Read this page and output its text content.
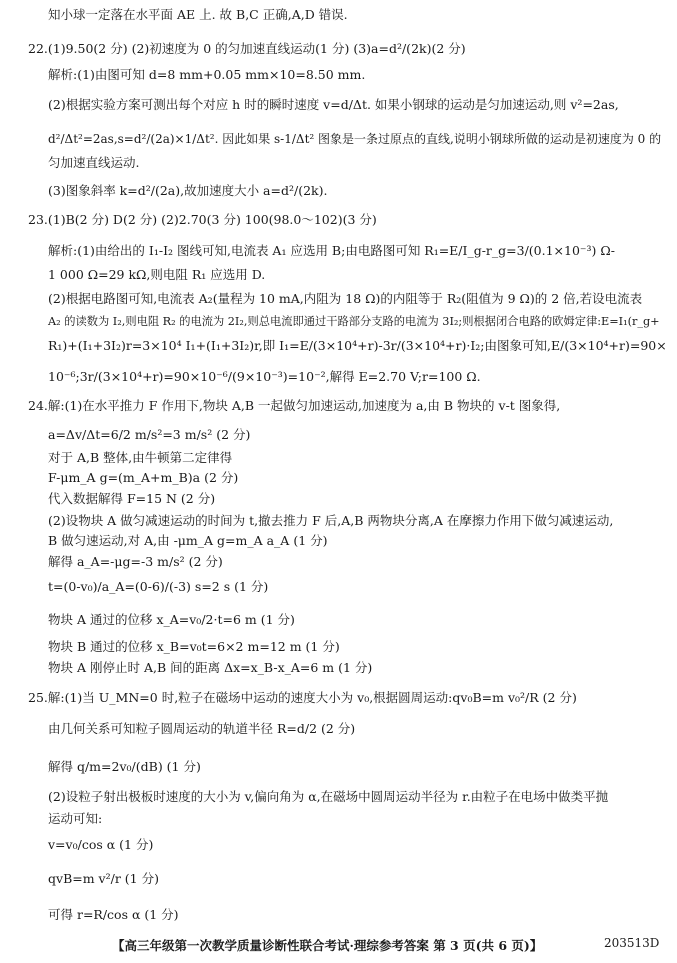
知小球一定落在水平面 AE 上. 故 B,C 正确,A,D 错误.
22.(1)9.50(2 分) (2)初速度为 0 的匀加速直线运动(1 分) (3)a=d²/(2k)(2 分)
解析:(1)由图可知 d=8 mm+0.05 mm×10=8.50 mm.
(2)根据实验方案可测出每个对应 h 时的瞬时速度 v=d/Δt. 如果小钢球的运动是匀加速运动,则 v²=2as,
d²/Δt²=2as,s=d²/(2a)×1/Δt². 因此如果 s-1/Δt² 图象是一条过原点的直线,说明小钢球所做的运动是初速度为 0 的
匀加速直线运动.
(3)图象斜率 k=d²/(2a),故加速度大小 a=d²/(2k).
23.(1)B(2 分) D(2 分) (2)2.70(3 分) 100(98.0～102)(3 分)
解析:(1)由给出的 I₁-I₂ 图线可知,电流表 A₁ 应选用 B;由电路图可知 R₁=E/I_g-r_g=3/(0.1×10⁻³) Ω-
1 000 Ω=29 kΩ,则电阻 R₁ 应选用 D.
(2)根据电路图可知,电流表 A₂(量程为 10 mA,内阻为 18 Ω)的内阻等于 R₂(阻值为 9 Ω)的 2 倍,若设电流表
A₂ 的读数为 I₂,则电阻 R₂ 的电流为 2I₂,则总电流即通过干路部分支路的电流为 3I₂;则根据闭合电路的欧姆定律:E=I₁(r_g+
R₁)+(I₁+3I₂)r=3×10⁴ I₁+(I₁+3I₂)r,即 I₁=E/(3×10⁴+r)-3r/(3×10⁴+r)·I₂;由图象可知,E/(3×10⁴+r)=90×
10⁻⁶;3r/(3×10⁴+r)=90×10⁻⁶/(9×10⁻³)=10⁻²,解得 E=2.70 V;r=100 Ω.
24.解:(1)在水平推力 F 作用下,物块 A,B 一起做匀加速运动,加速度为 a,由 B 物块的 v-t 图象得,
a=Δv/Δt=6/2 m/s²=3 m/s² (2 分)
对于 A,B 整体,由牛顿第二定律得
F-μm_A g=(m_A+m_B)a (2 分)
代入数据解得 F=15 N (2 分)
(2)设物块 A 做匀减速运动的时间为 t,撤去推力 F 后,A,B 两物块分离,A 在摩擦力作用下做匀减速运动,
B 做匀速运动,对 A,由 -μm_A g=m_A a_A (1 分)
解得 a_A=-μg=-3 m/s² (2 分)
t=(0-v₀)/a_A=(0-6)/(-3) s=2 s (1 分)
物块 A 通过的位移 x_A=v₀/2·t=6 m (1 分)
物块 B 通过的位移 x_B=v₀t=6×2 m=12 m (1 分)
物块 A 刚停止时 A,B 间的距离 Δx=x_B-x_A=6 m (1 分)
25.解:(1)当 U_MN=0 时,粒子在磁场中运动的速度大小为 v₀,根据圆周运动:qv₀B=m v₀²/R (2 分)
由几何关系可知粒子圆周运动的轨道半径 R=d/2 (2 分)
解得 q/m=2v₀/(dB) (1 分)
(2)设粒子射出极板时速度的大小为 v,偏向角为 α,在磁场中圆周运动半径为 r.由粒子在电场中做类平抛
运动可知:
v=v₀/cos α (1 分)
qvB=m v²/r (1 分)
可得 r=R/cos α (1 分)
【高三年级第一次教学质量诊断性联合考试·理综参考答案 第 3 页(共 6 页)】	203513D
